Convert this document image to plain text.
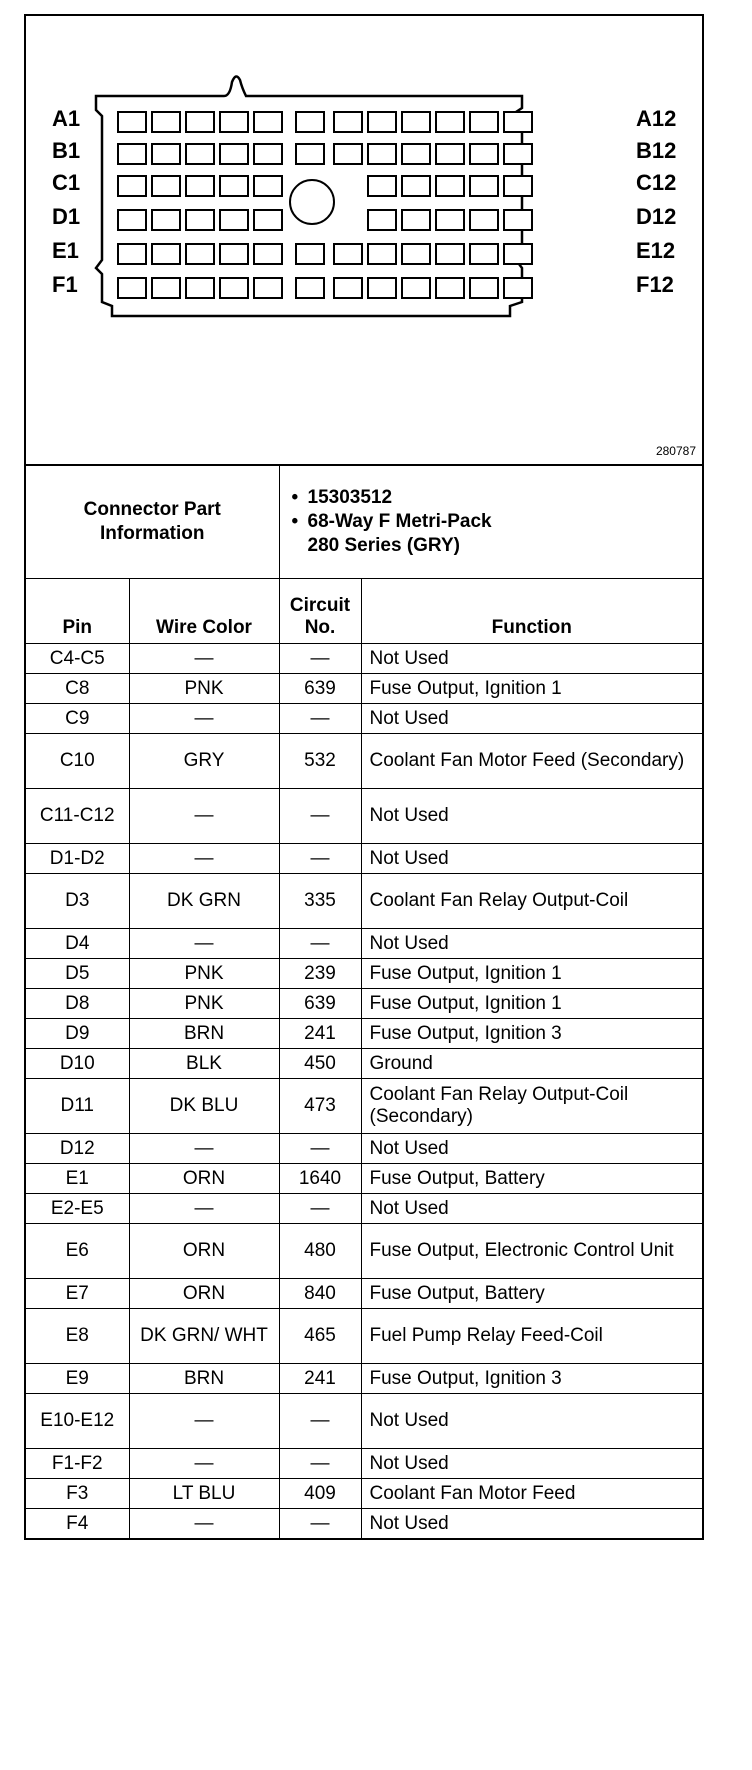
A1
B1
C1
D1
E1
F1
A12
B12
C12
D12
E12
F12
280787
Connector Part Information	
• 15303512
• 68-Way F Metri-Pack
280 Series (GRY)
Pin	Wire Color	Circuit No.	Function
C4-C5	—	—	Not Used
C8	PNK	639	Fuse Output, Ignition 1
C9	—	—	Not Used
C10	GRY	532	Coolant Fan Motor Feed (Secondary)
C11-C12	—	—	Not Used
D1-D2	—	—	Not Used
D3	DK GRN	335	Coolant Fan Relay Output-Coil
D4	—	—	Not Used
D5	PNK	239	Fuse Output, Ignition 1
D8	PNK	639	Fuse Output, Ignition 1
D9	BRN	241	Fuse Output, Ignition 3
D10	BLK	450	Ground
D11	DK BLU	473	Coolant Fan Relay Output-Coil (Secondary)
D12	—	—	Not Used
E1	ORN	1640	Fuse Output, Battery
E2-E5	—	—	Not Used
E6	ORN	480	Fuse Output, Electronic Control Unit
E7	ORN	840	Fuse Output, Battery
E8	DK GRN/ WHT	465	Fuel Pump Relay Feed-Coil
E9	BRN	241	Fuse Output, Ignition 3
E10-E12	—	—	Not Used
F1-F2	—	—	Not Used
F3	LT BLU	409	Coolant Fan Motor Feed
F4	—	—	Not Used
